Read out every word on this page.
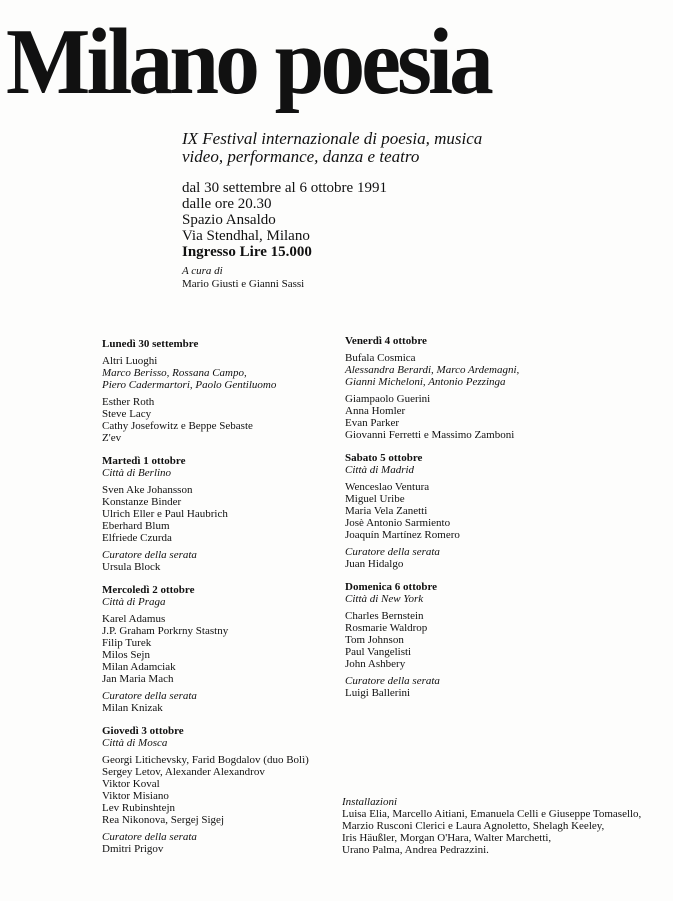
Milano poesia
IX Festival internazionale di poesia, musica
video, performance, danza e teatro
dal 30 settembre al 6 ottobre 1991
dalle ore 20.30
Spazio Ansaldo
Via Stendhal, Milano
Ingresso Lire 15.000
A cura di
Mario Giusti e Gianni Sassi
Lunedì 30 settembre
Altri Luoghi
Marco Berisso, Rossana Campo,
Piero Cadermartori, Paolo Gentiluomo
Esther Roth
Steve Lacy
Cathy Josefowitz e Beppe Sebaste
Z'ev
Martedì 1 ottobre
Città di Berlino
Sven Ake Johansson
Konstanze Binder
Ulrich Eller e Paul Haubrich
Eberhard Blum
Elfriede Czurda
Curatore della serata
Ursula Block
Mercoledì 2 ottobre
Città di Praga
Karel Adamus
J.P. Graham Porkrny Stastny
Filip Turek
Milos Sejn
Milan Adamciak
Jan Maria Mach
Curatore della serata
Milan Knizak
Giovedì 3 ottobre
Città di Mosca
Georgi Litichevsky, Farid Bogdalov (duo Bolì)
Sergey Letov, Alexander Alexandrov
Viktor Koval
Viktor Misiano
Lev Rubinshtejn
Rea Nikonova, Sergej Sigej
Curatore della serata
Dmitri Prigov
Venerdì 4 ottobre
Bufala Cosmica
Alessandra Berardi, Marco Ardemagni,
Gianni Micheloni, Antonio Pezzinga
Giampaolo Guerini
Anna Homler
Evan Parker
Giovanni Ferretti e Massimo Zamboni
Sabato 5 ottobre
Città di Madrid
Wenceslao Ventura
Miguel Uribe
Maria Vela Zanetti
Josè Antonio Sarmiento
Joaquín Martínez Romero
Curatore della serata
Juan Hidalgo
Domenica 6 ottobre
Città di New York
Charles Bernstein
Rosmarie Waldrop
Tom Johnson
Paul Vangelisti
John Ashbery
Curatore della serata
Luigi Ballerini
Installazioni
Luisa Elia, Marcello Aitiani, Emanuela Celli e Giuseppe Tomasello,
Marzio Rusconi Clerici e Laura Agnoletto, Shelagh Keeley,
Iris Häußler, Morgan O'Hara, Walter Marchetti,
Urano Palma, Andrea Pedrazzini.
